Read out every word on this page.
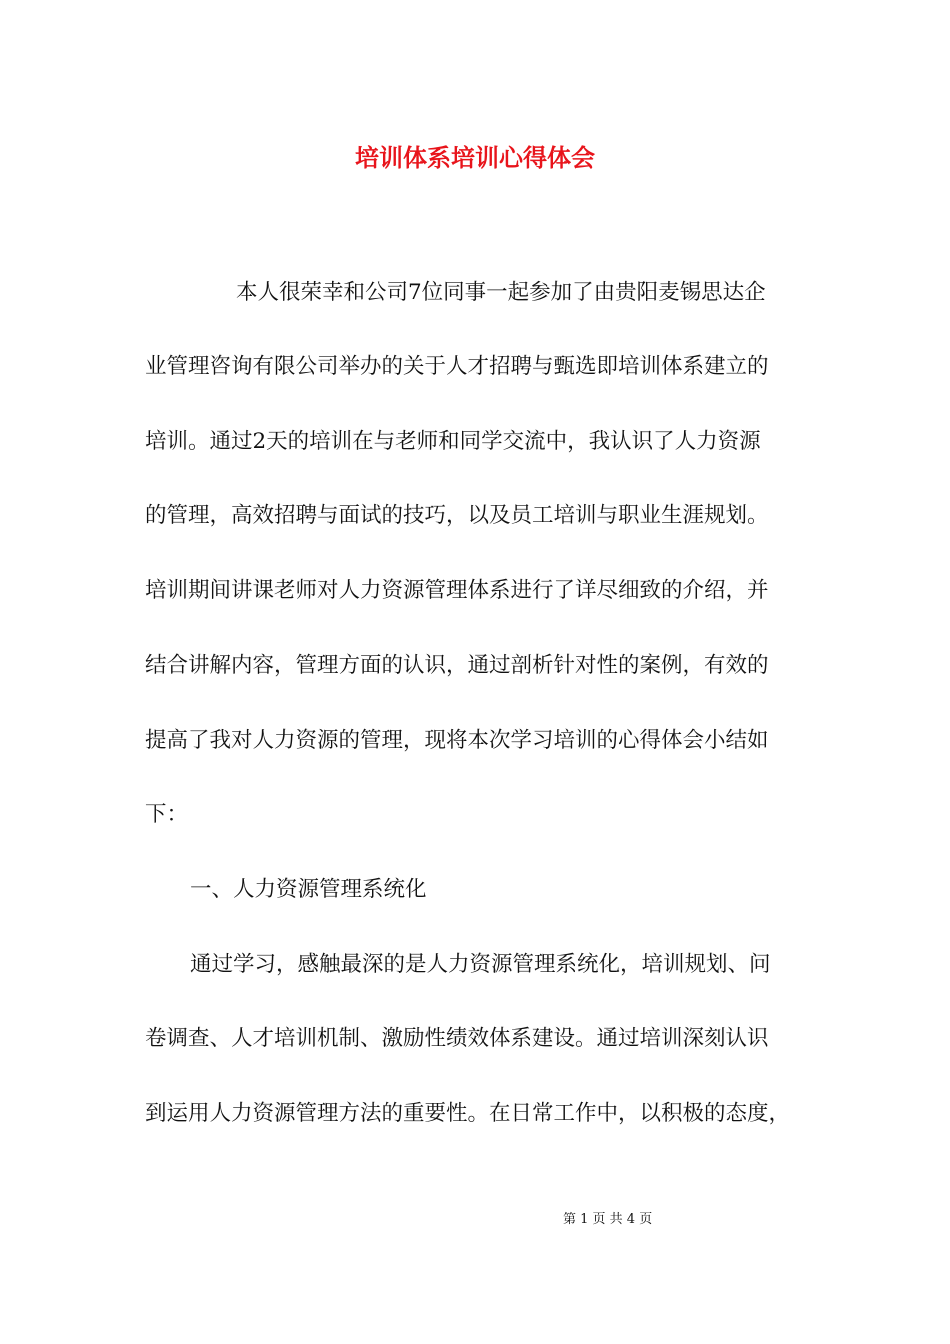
培训体系培训心得体会
本人很荣幸和公司7位同事一起参加了由贵阳麦锡思达企
业管理咨询有限公司举办的关于人才招聘与甄选即培训体系建立的
培训。通过2天的培训在与老师和同学交流中，我认识了人力资源
的管理，高效招聘与面试的技巧，以及员工培训与职业生涯规划。
培训期间讲课老师对人力资源管理体系进行了详尽细致的介绍，并
结合讲解内容，管理方面的认识，通过剖析针对性的案例，有效的
提高了我对人力资源的管理，现将本次学习培训的心得体会小结如
下：
一、人力资源管理系统化
通过学习，感触最深的是人力资源管理系统化，培训规划、问
卷调查、人才培训机制、激励性绩效体系建设。通过培训深刻认识
到运用人力资源管理方法的重要性。在日常工作中，以积极的态度，
第 1 页 共 4 页
